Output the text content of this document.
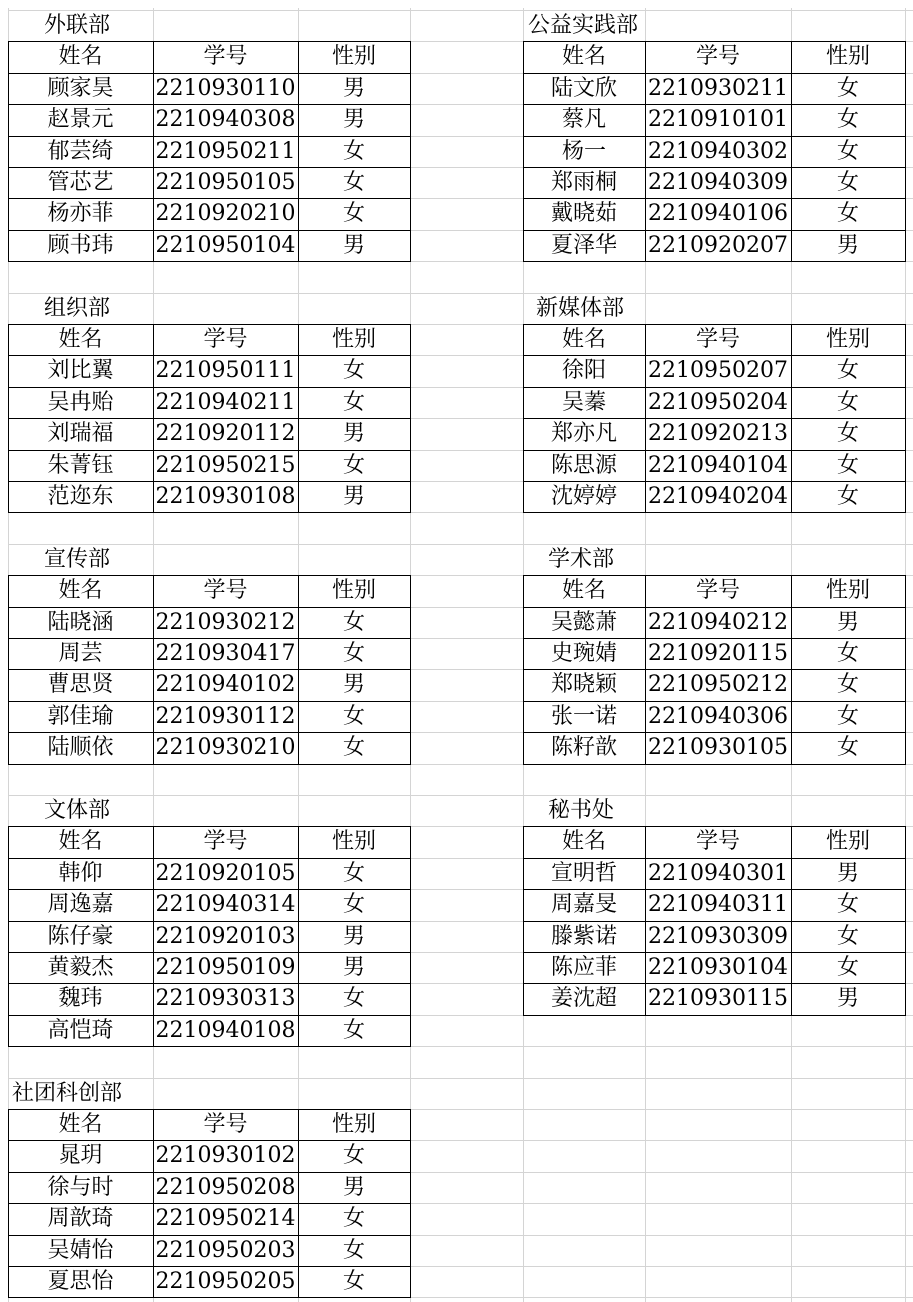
外联部
姓名	学号	性别
顾家昊	2210930110	男
赵景元	2210940308	男
郁芸绮	2210950211	女
管芯艺	2210950105	女
杨亦菲	2210920210	女
顾书玮	2210950104	男
公益实践部
姓名	学号	性别
陆文欣	2210930211	女
蔡凡	2210910101	女
杨一	2210940302	女
郑雨桐	2210940309	女
戴晓茹	2210940106	女
夏泽华	2210920207	男
组织部
姓名	学号	性别
刘比翼	2210950111	女
吴冉贻	2210940211	女
刘瑞福	2210920112	男
朱菁钰	2210950215	女
范迩东	2210930108	男
新媒体部
姓名	学号	性别
徐阳	2210950207	女
吴蓁	2210950204	女
郑亦凡	2210920213	女
陈思源	2210940104	女
沈婷婷	2210940204	女
宣传部
姓名	学号	性别
陆晓涵	2210930212	女
周芸	2210930417	女
曹思贤	2210940102	男
郭佳瑜	2210930112	女
陆顺依	2210930210	女
学术部
姓名	学号	性别
吴懿萧	2210940212	男
史琬婧	2210920115	女
郑晓颖	2210950212	女
张一诺	2210940306	女
陈籽歆	2210930105	女
文体部
姓名	学号	性别
韩仰	2210920105	女
周逸嘉	2210940314	女
陈仔豪	2210920103	男
黄毅杰	2210950109	男
魏玮	2210930313	女
高恺琦	2210940108	女
秘书处
姓名	学号	性别
宣明哲	2210940301	男
周嘉旻	2210940311	女
滕紫诺	2210930309	女
陈应菲	2210930104	女
姜沈超	2210930115	男
社团科创部
姓名	学号	性别
晁玥	2210930102	女
徐与时	2210950208	男
周歆琦	2210950214	女
吴婧怡	2210950203	女
夏思怡	2210950205	女
